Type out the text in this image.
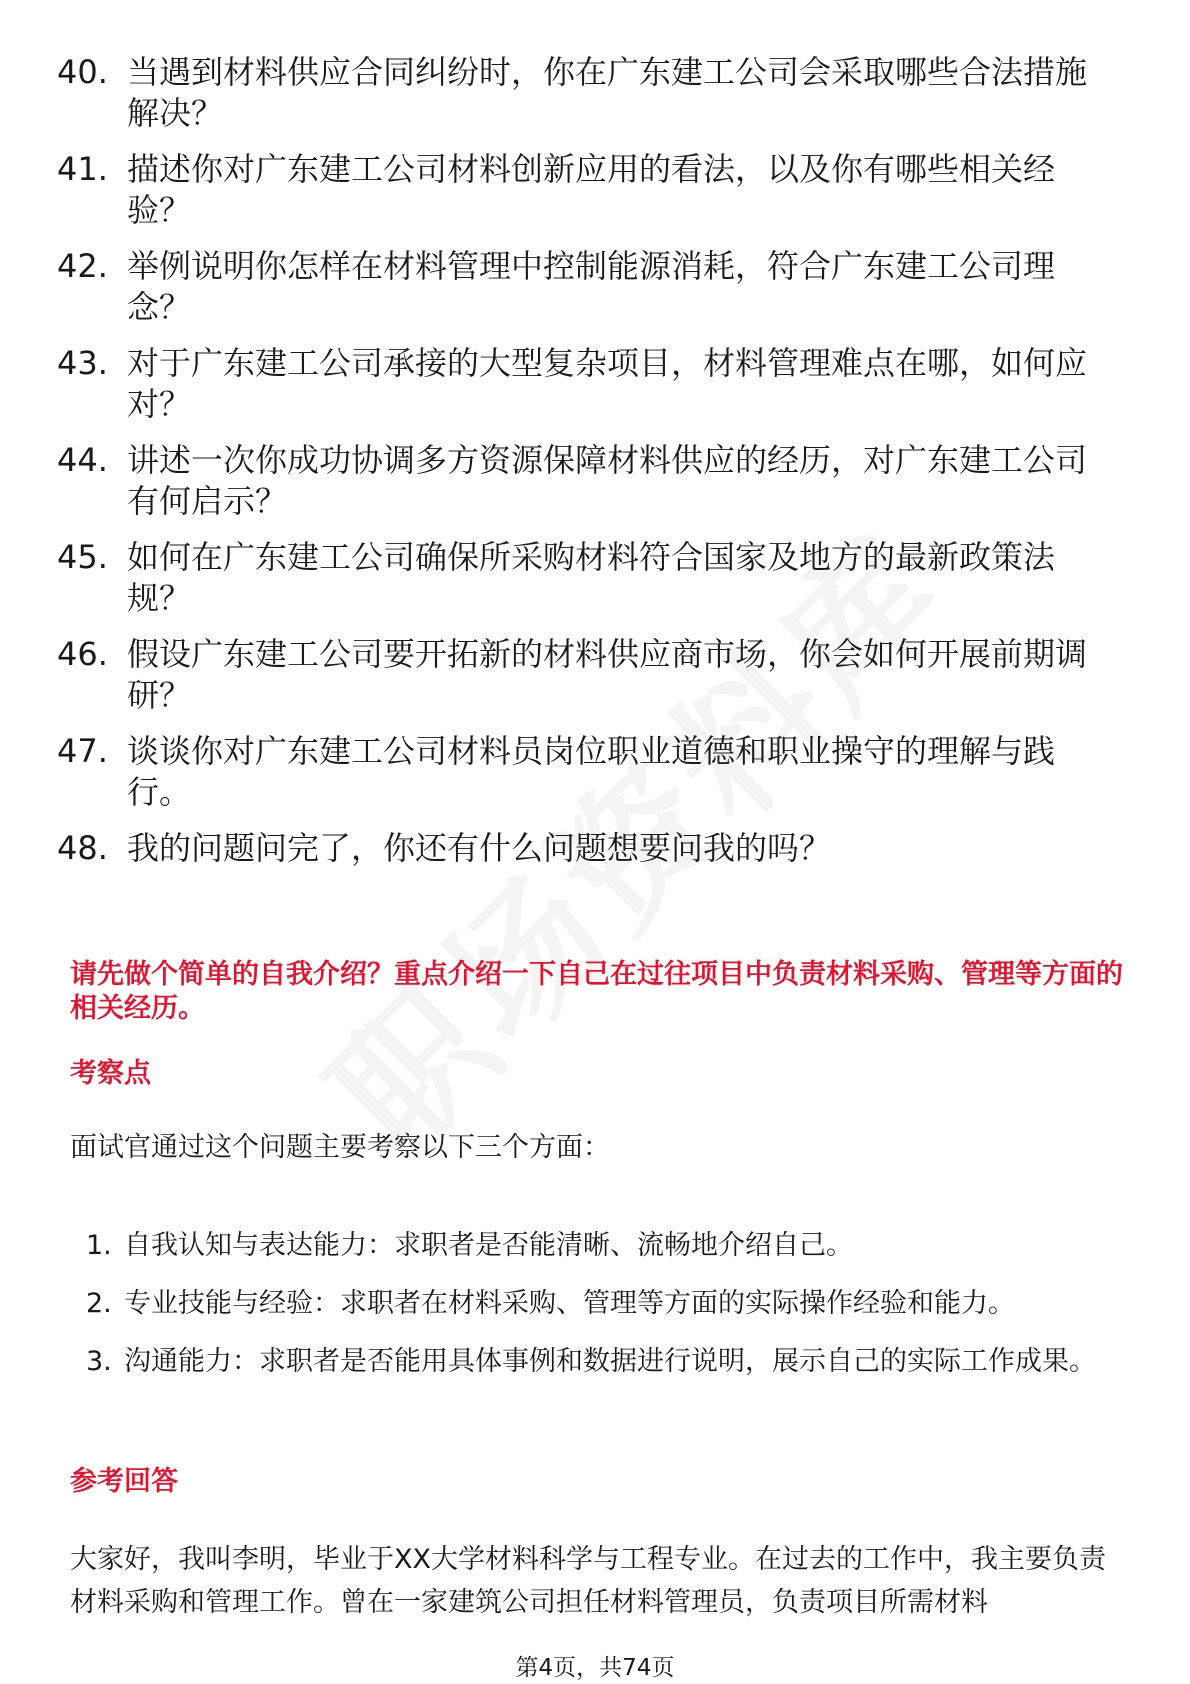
40. 当遇到材料供应合同纠纷时，你在广东建工公司会采取哪些合法措施解决？
41. 描述你对广东建工公司材料创新应用的看法，以及你有哪些相关经验？
42. 举例说明你怎样在材料管理中控制能源消耗，符合广东建工公司理念？
43. 对于广东建工公司承接的大型复杂项目，材料管理难点在哪，如何应对？
44. 讲述一次你成功协调多方资源保障材料供应的经历，对广东建工公司有何启示？
45. 如何在广东建工公司确保所采购材料符合国家及地方的最新政策法规？
46. 假设广东建工公司要开拓新的材料供应商市场，你会如何开展前期调研？
47. 谈谈你对广东建工公司材料员岗位职业道德和职业操守的理解与践行。
48. 我的问题问完了，你还有什么问题想要问我的吗？
请先做个简单的自我介绍？重点介绍一下自己在过往项目中负责材料采购、管理等方面的相关经历。
考察点
面试官通过这个问题主要考察以下三个方面：
1. 自我认知与表达能力：求职者是否能清晰、流畅地介绍自己。
2. 专业技能与经验：求职者在材料采购、管理等方面的实际操作经验和能力。
3. 沟通能力：求职者是否能用具体事例和数据进行说明，展示自己的实际工作成果。
参考回答
大家好，我叫李明，毕业于XX大学材料科学与工程专业。在过去的工作中，我主要负责材料采购和管理工作。曾在一家建筑公司担任材料管理员，负责项目所需材料
第4页，共74页
